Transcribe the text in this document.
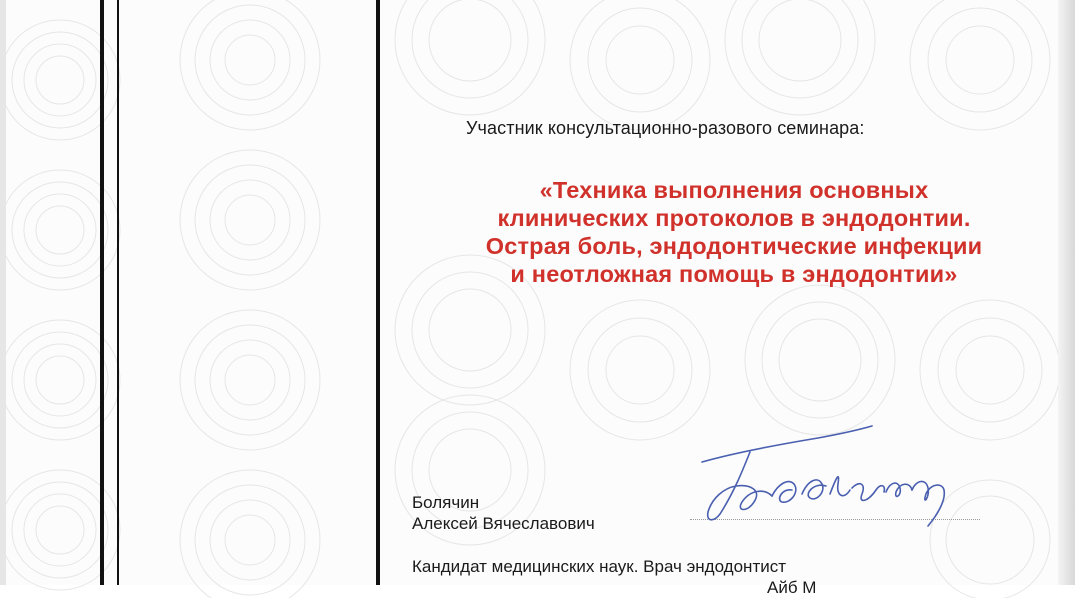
Участник консультационно-разового семинара:
«Техника выполнения основных
клинических протоколов в эндодонтии.
Острая боль, эндодонтические инфекции
и неотложная помощь в эндодонтии»
Болячин
Алексей Вячеславович
Кандидат медицинских наук. Врач эндодонтист
Айб М
